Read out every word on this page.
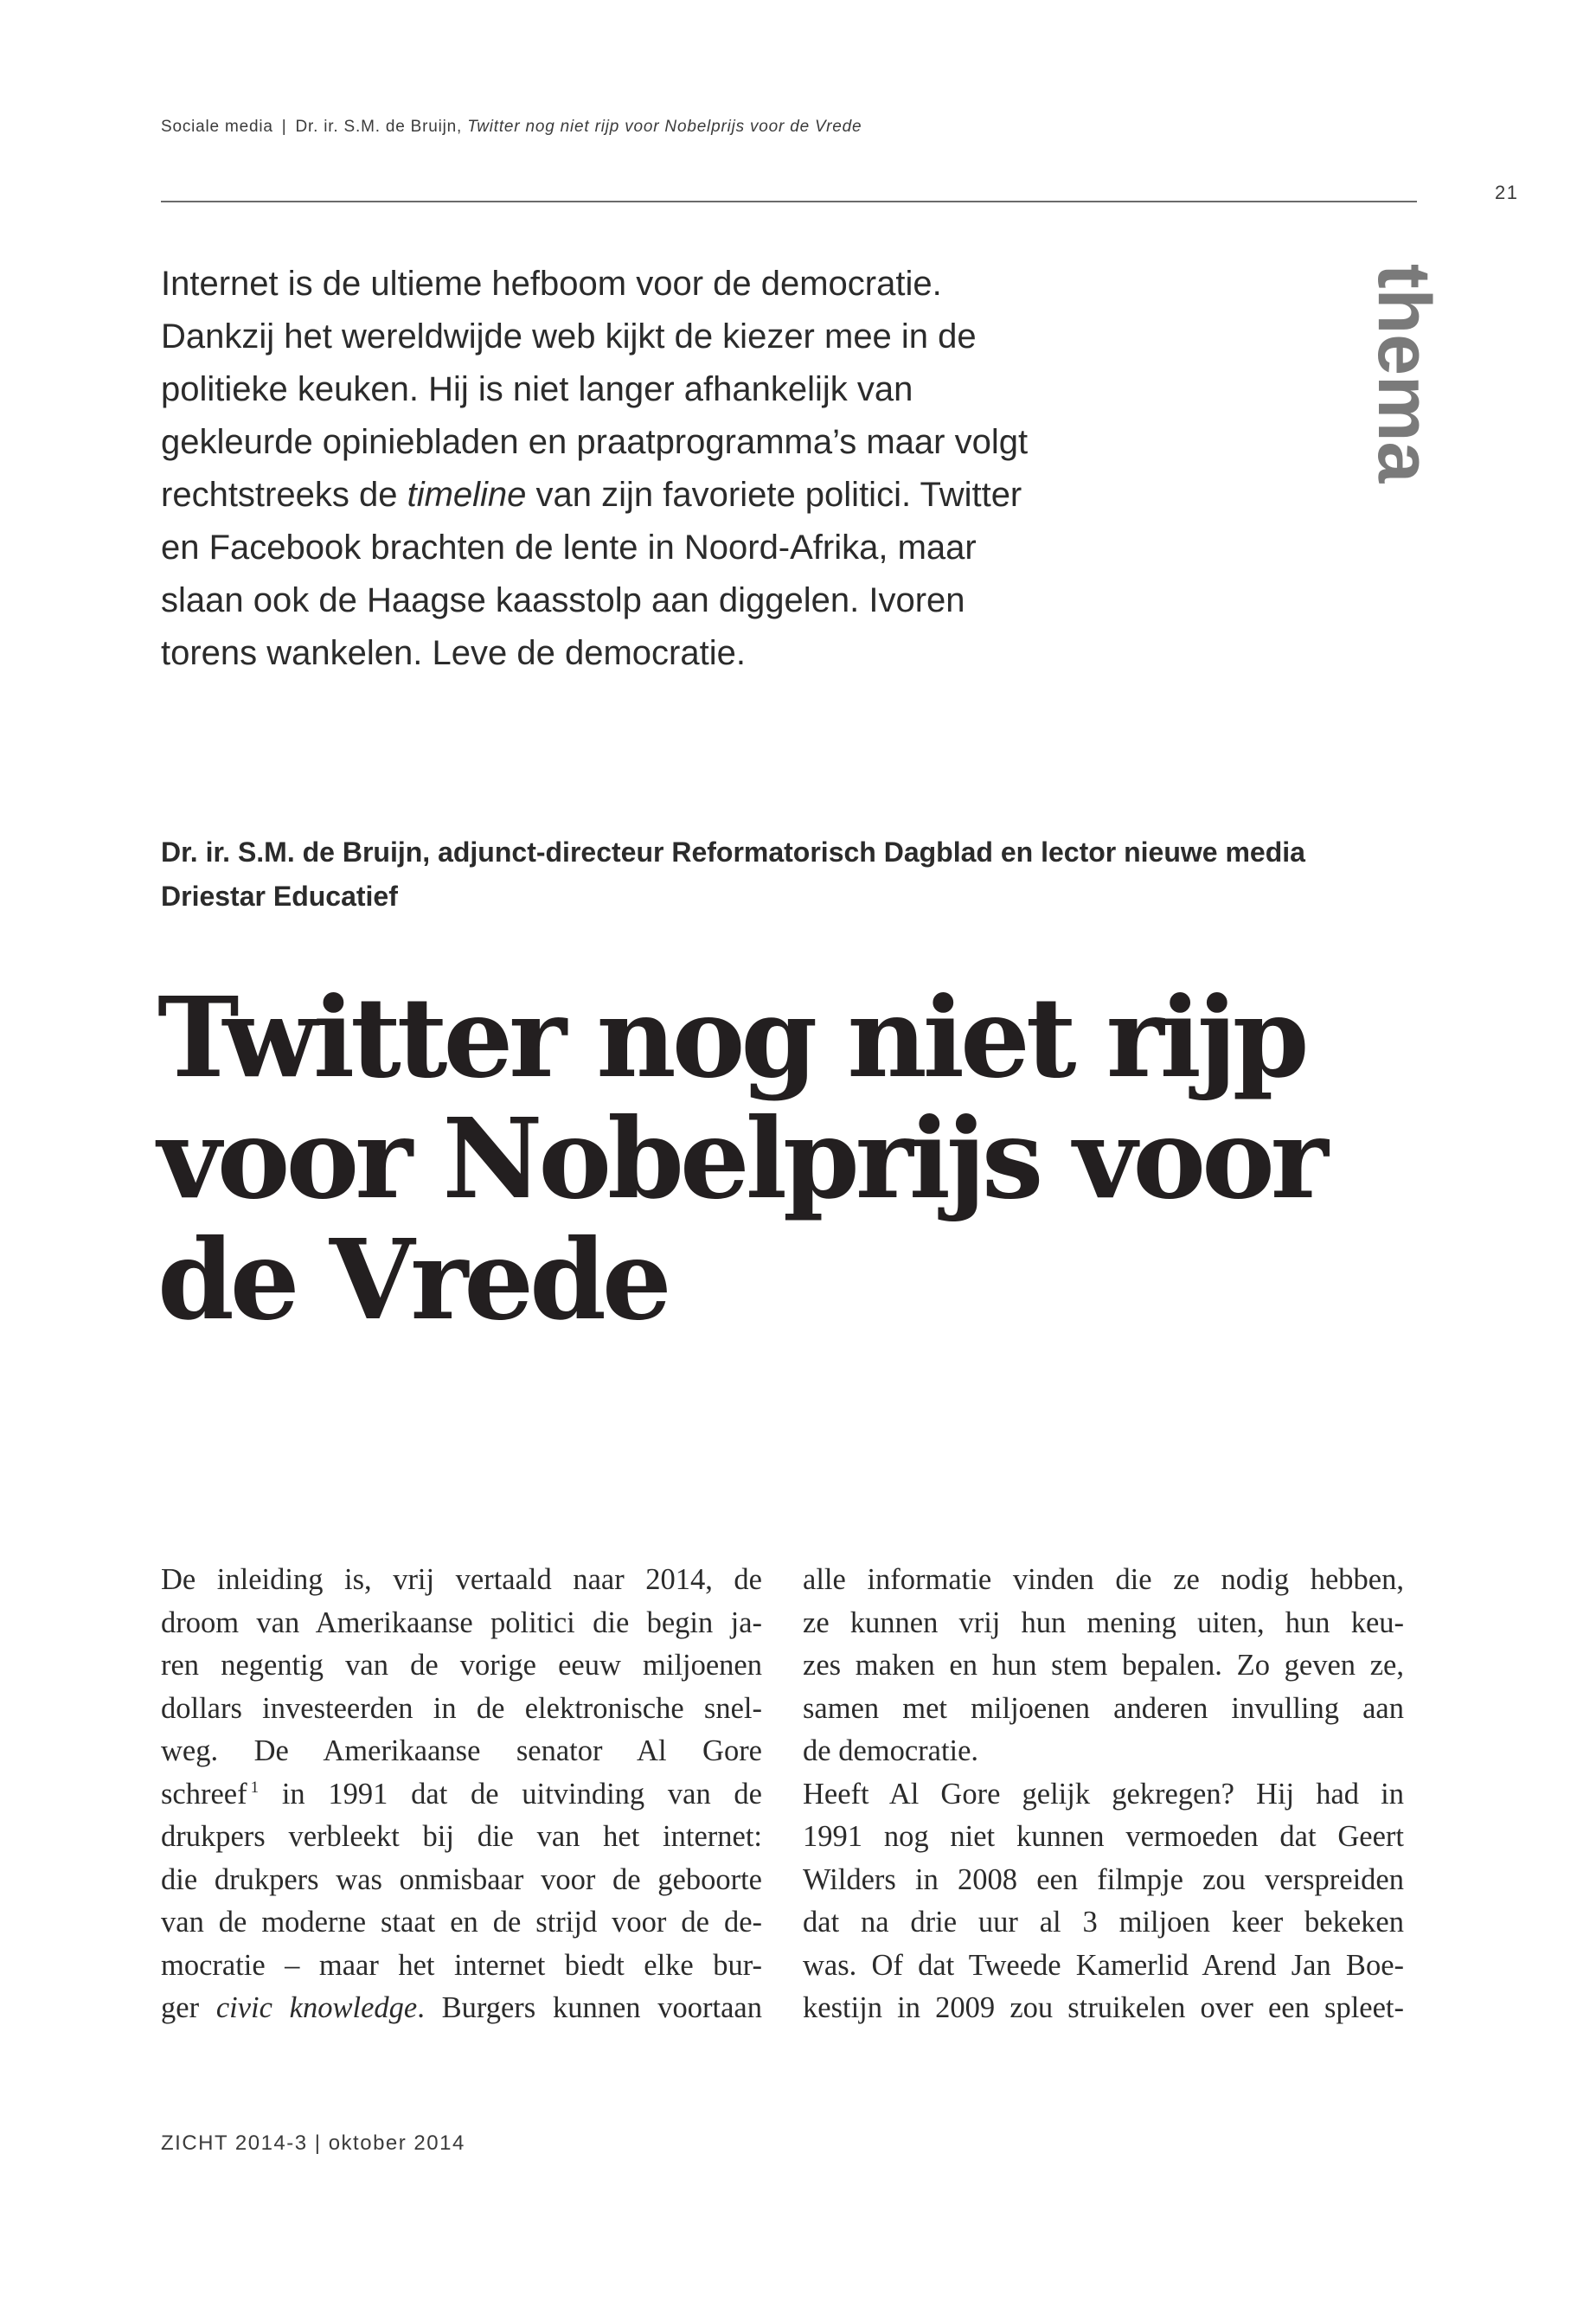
Sociale media | Dr. ir. S.M. de Bruijn, Twitter nog niet rijp voor Nobelprijs voor de Vrede
21

Internet is de ultieme hefboom voor de democratie.
Dankzij het wereldwijde web kijkt de kiezer mee in de
politieke keuken. Hij is niet langer afhankelijk van
gekleurde opiniebladen en praatprogramma’s maar volgt
rechtstreeks de timeline van zijn favoriete politici. Twitter
en Facebook brachten de lente in Noord-Afrika, maar
slaan ook de Haagse kaasstolp aan diggelen. Ivoren
torens wankelen. Leve de democratie.

thema
Dr. ir. S.M. de Bruijn, adjunct-directeur Reformatorisch Dagblad en lector nieuwe media
Driestar Educatief
Twitter nog niet rijp
voor Nobelprijs voor
de Vrede
De inleiding is, vrij vertaald naar 2014, de
droom van Amerikaanse politici die begin ja-
ren negentig van de vorige eeuw miljoenen
dollars investeerden in de elektronische snel-
weg. De Amerikaanse senator Al Gore
schreef $^1$ in 1991 dat de uitvinding van de
drukpers verbleekt bij die van het internet:
die drukpers was onmisbaar voor de geboorte
van de moderne staat en de strijd voor de de-
mocratie – maar het internet biedt elke bur-
ger civic knowledge. Burgers kunnen voortaan
alle informatie vinden die ze nodig hebben,
ze kunnen vrij hun mening uiten, hun keu-
zes maken en hun stem bepalen. Zo geven ze,
samen met miljoenen anderen invulling aan
de democratie.
Heeft Al Gore gelijk gekregen? Hij had in
1991 nog niet kunnen vermoeden dat Geert
Wilders in 2008 een filmpje zou verspreiden
dat na drie uur al 3 miljoen keer bekeken
was. Of dat Tweede Kamerlid Arend Jan Boe-
kestijn in 2009 zou struikelen over een spleet-
ZICHT 2014-3 | oktober 2014
